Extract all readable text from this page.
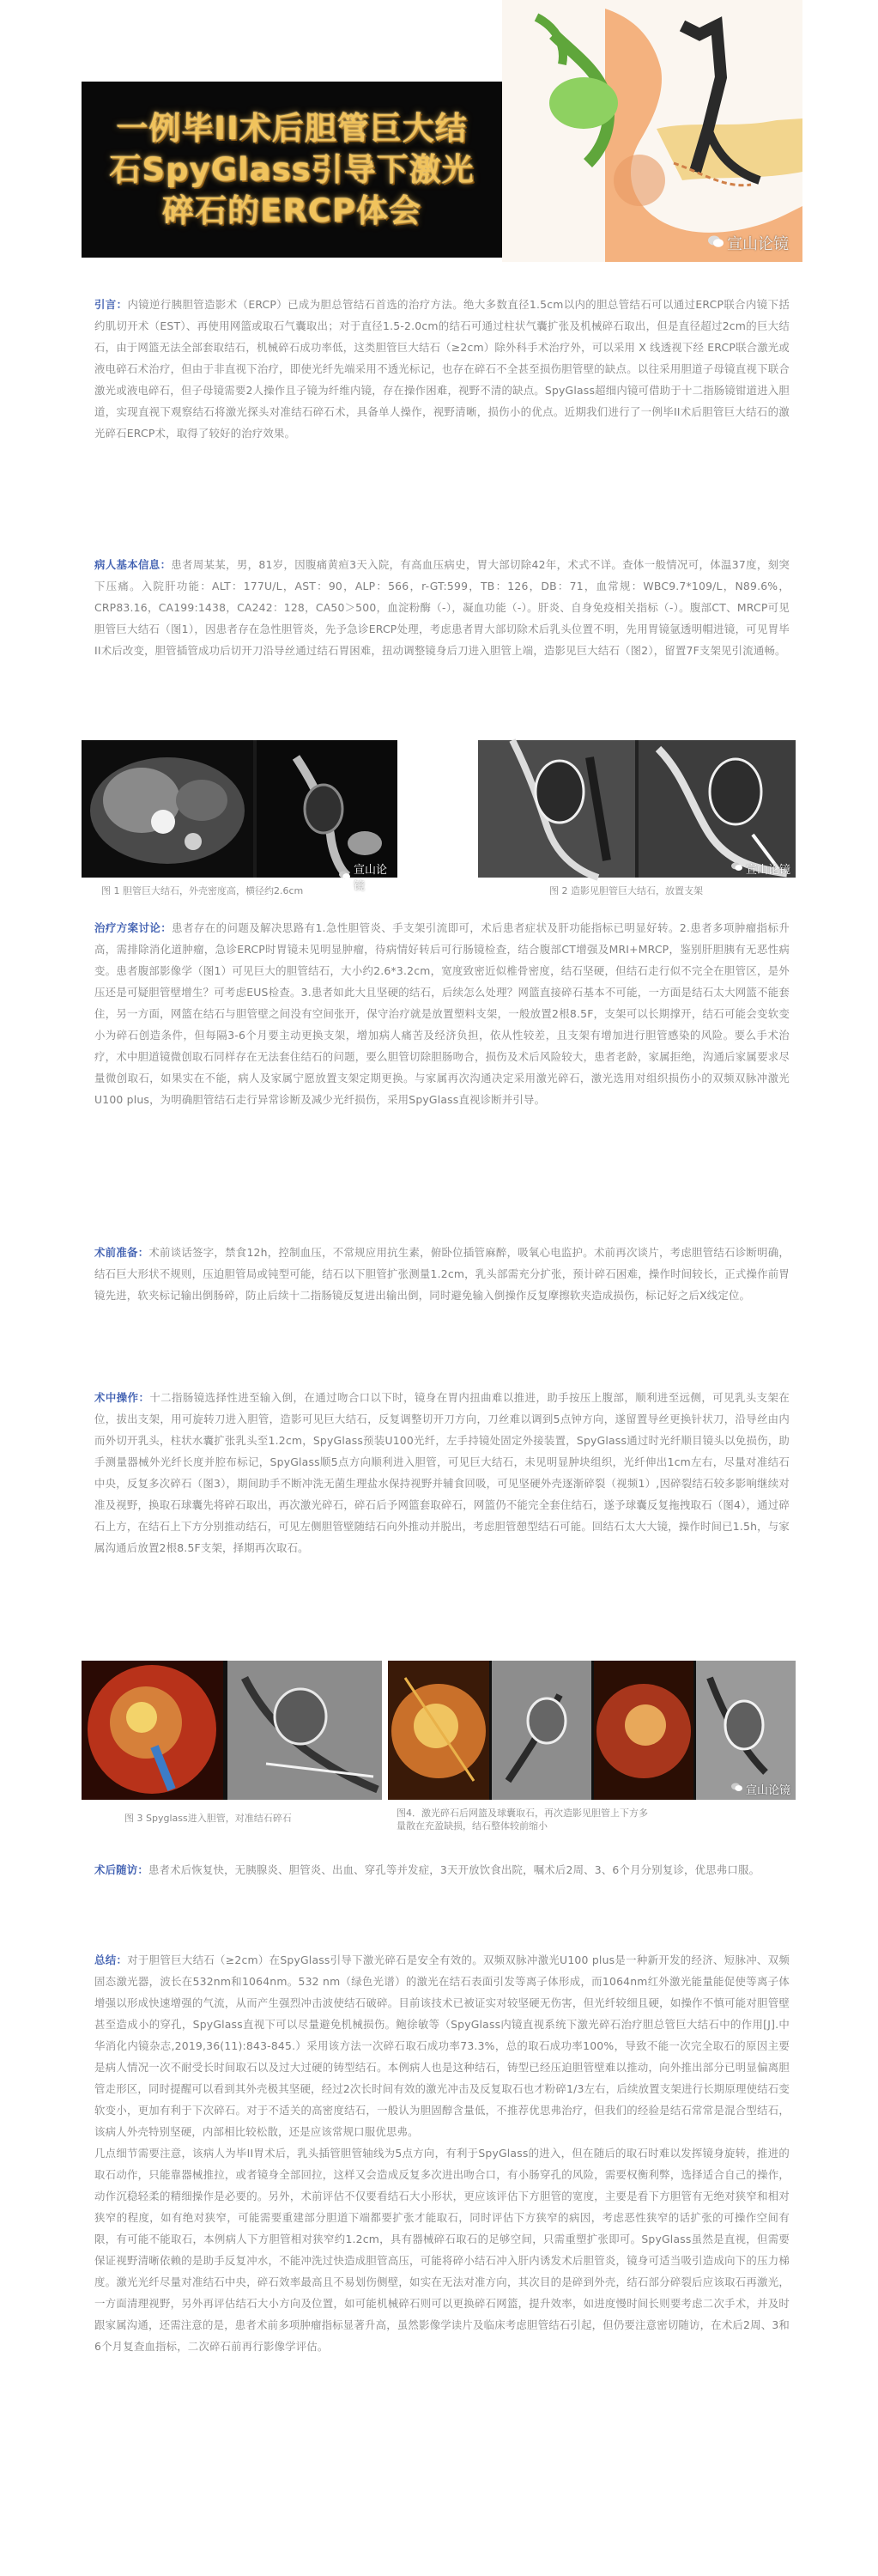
一例毕II术后胆管巨大结
石SpyGlass引导下激光
碎石的ERCP体会
宣山论镜
引言：内镜逆行胰胆管造影术（ERCP）已成为胆总管结石首选的治疗方法。绝大多数直径1.5cm以内的胆总管结石可以通过ERCP联合内镜下括约肌切开术（EST）、再使用网篮或取石气囊取出；对于直径1.5-2.0cm的结石可通过柱状气囊扩张及机械碎石取出，但是直径超过2cm的巨大结石，由于网篮无法全部套取结石，机械碎石成功率低，这类胆管巨大结石（≥2cm）除外科手术治疗外，可以采用 X 线透视下经 ERCP联合激光或液电碎石术治疗，但由于非直视下治疗，即使光纤先端采用不透光标记，也存在碎石不全甚至损伤胆管壁的缺点。以往采用胆道子母镜直视下联合激光或液电碎石，但子母镜需要2人操作且子镜为纤维内镜，存在操作困难，视野不清的缺点。SpyGlass超细内镜可借助于十二指肠镜钳道进入胆道，实现直视下观察结石将激光探头对准结石碎石术，具备单人操作，视野清晰，损伤小的优点。近期我们进行了一例毕II术后胆管巨大结石的激光碎石ERCP术，取得了较好的治疗效果。
病人基本信息：患者周某某，男，81岁，因腹痛黄疸3天入院，有高血压病史，胃大部切除42年，术式不详。查体一般情况可，体温37度，刻突下压痛。入院肝功能：ALT：177U/L，AST：90，ALP：566，r-GT:599，TB：126，DB：71，血常规：WBC9.7*109/L，N89.6%，CRP83.16，CA199:1438，CA242：128，CA50＞500，血淀粉酶（-），凝血功能（-）。肝炎、自身免疫相关指标（-）。腹部CT、MRCP可见胆管巨大结石（图1），因患者存在急性胆管炎，先予急诊ERCP处理，考虑患者胃大部切除术后乳头位置不明，先用胃镜氩透明帽进镜，可见胃毕II术后改变，胆管插管成功后切开刀沿导丝通过结石胃困难，扭动调整镜身后刀进入胆管上端，造影见巨大结石（图2），留置7F支架见引流通畅。
宣山论镜
图 1 胆管巨大结石，外壳密度高，横径约2.6cm
宣山论镜
图 2 造影见胆管巨大结石，放置支架
治疗方案讨论：患者存在的问题及解决思路有1.急性胆管炎、手支架引流即可，术后患者症状及肝功能指标已明显好转。2.患者多项肿瘤指标升高，需排除消化道肿瘤，急诊ERCP时胃镜未见明显肿瘤，待病情好转后可行肠镜检查，结合腹部CT增强及MRI+MRCP，鉴别肝胆胰有无恶性病变。患者腹部影像学（图1）可见巨大的胆管结石，大小约2.6*3.2cm，宽度致密近似椎骨密度，结石坚硬，但结石走行似不完全在胆管区，是外压还是可疑胆管壁增生？可考虑EUS检查。3.患者如此大且坚硬的结石，后续怎么处理？网篮直接碎石基本不可能，一方面是结石太大网篮不能套住，另一方面，网篮在结石与胆管壁之间没有空间张开，保守治疗就是放置塑料支架，一般放置2根8.5F，支架可以长期撑开，结石可能会变软变小为碎石创造条件，但每隔3-6个月要主动更换支架，增加病人痛苦及经济负担，依从性较差，且支架有增加进行胆管感染的风险。要么手术治疗，术中胆道镜微创取石同样存在无法套住结石的问题，要么胆管切除胆肠吻合，损伤及术后风险较大，患者老龄，家属拒绝，沟通后家属要求尽量微创取石，如果实在不能，病人及家属宁愿放置支架定期更换。与家属再次沟通决定采用激光碎石，激光选用对组织损伤小的双频双脉冲激光U100 plus，为明确胆管结石走行异常诊断及减少光纤损伤，采用SpyGlass直视诊断并引导。
术前准备：术前谈话签字，禁食12h，控制血压，不常规应用抗生素，俯卧位插管麻醉，吸氧心电监护。术前再次谈片，考虑胆管结石诊断明确，结石巨大形状不规则，压迫胆管局或钝型可能，结石以下胆管扩张测量1.2cm，乳头部需充分扩张，预计碎石困难，操作时间较长，正式操作前胃镜先进，软夹标记输出倒肠碎，防止后续十二指肠镜反复进出输出倒，同时避免输入倒操作反复摩擦软夹造成损伤，标记好之后X线定位。
术中操作：十二指肠镜选择性进至输入倒，在通过吻合口以下时，镜身在胃内扭曲难以推进，助手按压上腹部，顺利进至远侧，可见乳头支架在位，拔出支架，用可旋转刀进入胆管，造影可见巨大结石，反复调整切开刀方向，刀丝难以调到5点钟方向，遂留置导丝更换针状刀，沿导丝由内而外切开乳头，柱状水囊扩张乳头至1.2cm，SpyGlass预装U100光纤，左手持镜处固定外接装置，SpyGlass通过时光纤顺目镜头以免损伤，助手测量器械外光纤长度并腔布标记，SpyGlass顺5点方向顺利进入胆管，可见巨大结石，未见明显肿块组织，光纤伸出1cm左右，尽量对准结石中央，反复多次碎石（图3），期间助手不断冲洗无菌生理盐水保持视野并辅食回吸，可见坚硬外壳逐渐碎裂（视频1）,因碎裂结石较多影响继续对准及视野，换取石球囊先将碎石取出，再次激光碎石，碎石后予网篮套取碎石，网篮仍不能完全套住结石，遂予球囊反复拖拽取石（图4），通过碎石上方，在结石上下方分别推动结石，可见左侧胆管壁随结石向外推动并脱出，考虑胆管憩型结石可能。回结石太大大镜，操作时间已1.5h，与家属沟通后放置2根8.5F支架，择期再次取石。
图 3 Spyglass进入胆管，对准结石碎石
宣山论镜
图4．激光碎石后网篮及球囊取石，再次造影见胆管上下方多量散在充盈缺损，结石整体较前缩小
术后随访：患者术后恢复快，无胰腺炎、胆管炎、出血、穿孔等并发症，3天开放饮食出院，嘱术后2周、3、6个月分别复诊，优思弗口服。

总结：对于胆管巨大结石（≥2cm）在SpyGlass引导下激光碎石是安全有效的。双频双脉冲激光U100 plus是一种新开发的经济、短脉冲、双频固态激光器，波长在532nm和1064nm。532 nm（绿色光谱）的激光在结石表面引发等离子体形成，而1064nm红外激光能量能促使等离子体增强以形成快速增强的气流，从而产生强烈冲击波使结石破碎。目前该技术已被证实对较坚硬无伤害，但光纤较细且硬，如操作不慎可能对胆管壁甚至造成小的穿孔，SpyGlass直视下可以尽量避免机械损伤。鲍徐敏等（SpyGlass内镜直视系统下激光碎石治疗胆总管巨大结石中的作用[J].中华消化内镜杂志,2019,36(11):843-845.）采用该方法一次碎石取石成功率73.3%，总的取石成功率100%，导致不能一次完全取石的原因主要是病人情况一次不耐受长时间取石以及过大过硬的铸型结石。本例病人也是这种结石，铸型已经压迫胆管壁难以推动，向外推出部分已明显偏离胆管走形区，同时提醒可以看到其外壳极其坚硬，经过2次长时间有效的激光冲击及反复取石也才粉碎1/3左右，后续放置支架进行长期原理使结石变软变小，更加有利于下次碎石。对于不适关的高密度结石，一般认为胆固醇含量低，不推荐优思弗治疗，但我们的经验是结石常常是混合型结石，该病人外壳特别坚硬，内部相比较松散，还是应该常规口服优思弗。
几点细节需要注意，该病人为毕II胃术后，乳头插管胆管轴线为5点方向，有利于SpyGlass的进入，但在随后的取石时难以发挥镜身旋转，推进的取石动作，只能靠器械推拉，或者镜身全部回拉，这样又会造成反复多次进出吻合口，有小肠穿孔的风险，需要权衡利弊，选择适合自己的操作，动作沉稳轻柔的精细操作是必要的。另外，术前评估不仅要看结石大小形状，更应该评估下方胆管的宽度，主要是看下方胆管有无绝对狭窄和相对狭窄的程度，如有绝对狭窄，可能需要重建部分胆道下端都要扩张才能取石，同时评估下方狭窄的病因，考虑恶性狭窄的话扩张的可操作空间有限，有可能不能取石，本例病人下方胆管相对狭窄约1.2cm，具有器械碎石取石的足够空间，只需重塑扩张即可。SpyGlass虽然是直视，但需要保证视野清晰依赖的是助手反复冲水，不能冲洗过快造成胆管高压，可能将碎小结石冲入肝内诱发术后胆管炎，镜身可适当吸引造成向下的压力梯度。激光光纤尽量对准结石中央，碎石效率最高且不易划伤侧壁，如实在无法对准方向，其次目的是碎到外壳，结石部分碎裂后应该取石再激光，一方面清理视野，另外再评估结石大小方向及位置，如可能机械碎石则可以更换碎石网篮，提升效率，如进度慢时间长则要考虑二次手术，并及时跟家属沟通，还需注意的是，患者术前多项肿瘤指标显著升高，虽然影像学读片及临床考虑胆管结石引起，但仍要注意密切随访，在术后2周、3和6个月复查血指标，二次碎石前再行影像学评估。
